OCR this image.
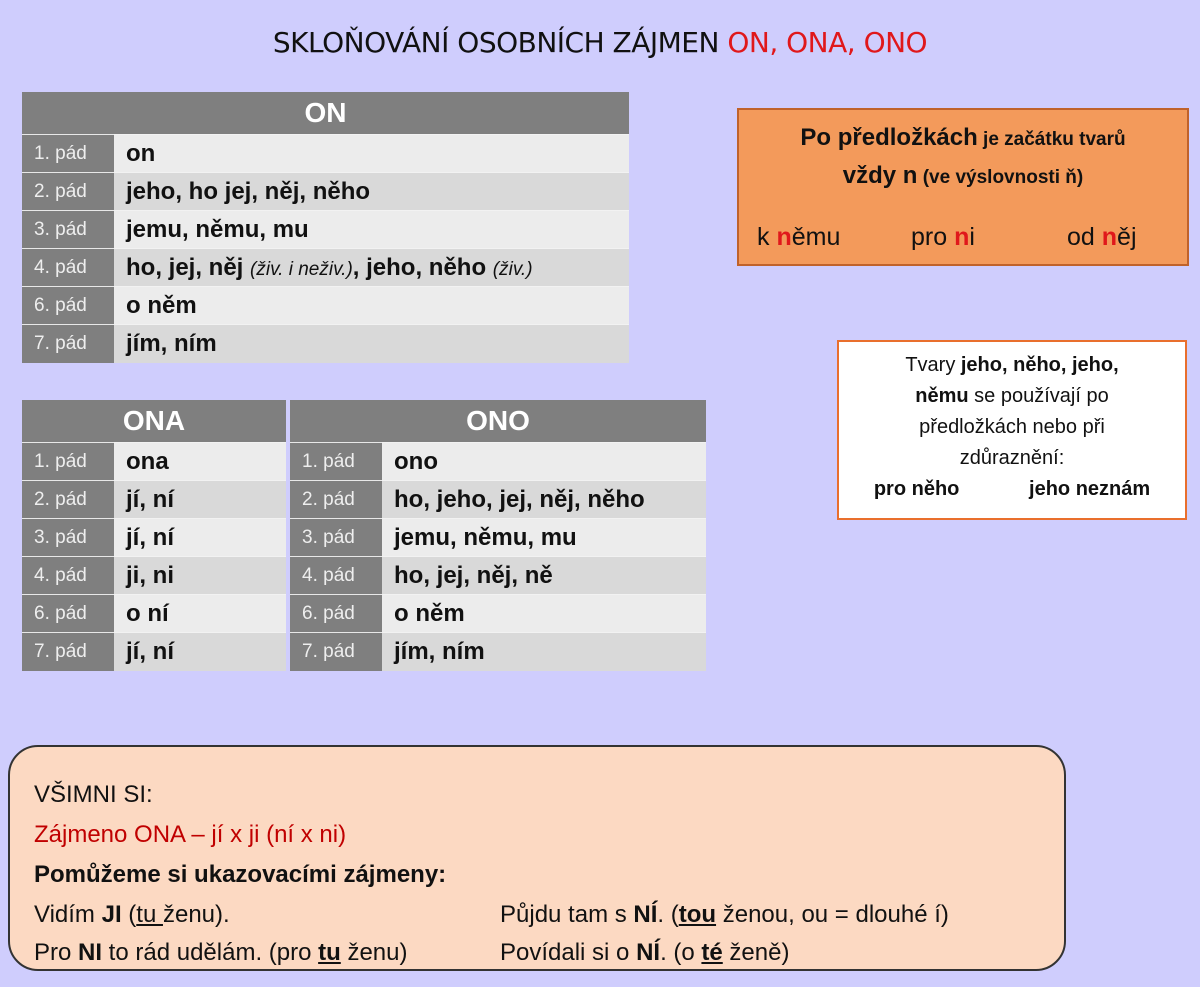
SKLOŇOVÁNÍ OSOBNÍCH ZÁJMEN ON, ONA, ONO
ON	
1. pád	on
2. pád	jeho, ho jej, něj, něho
3. pád	jemu, němu, mu
4. pád	ho, jej, něj (živ. i neživ.), jeho, něho (živ.)
6. pád	o něm
7. pád	jím, ním
ONA	
1. pád	ona
2. pád	jí, ní
3. pád	jí, ní
4. pád	ji, ni
6. pád	o ní
7. pád	jí, ní
ONO	
1. pád	ono
2. pád	ho, jeho, jej, něj, něho
3. pád	jemu, němu, mu
4. pád	ho, jej, něj, ně
6. pád	o něm
7. pád	jím, ním
Po předložkách je začátku tvarů
vždy n (ve výslovnosti ň)
k němu	pro ni	od něj
Tvary jeho, něho, jeho,
němu se používají po
předložkách nebo při
zdůraznění:
pro něho	jeho neznám
VŠIMNI SI:
Zájmeno ONA – jí x ji (ní x ni)
Pomůžeme si ukazovacími zájmeny:
Vidím JI (tu ženu).
Pro NI to rád udělám. (pro tu ženu)
Půjdu tam s NÍ. (tou ženou, ou = dlouhé í)
Povídali si o NÍ. (o té ženě)
